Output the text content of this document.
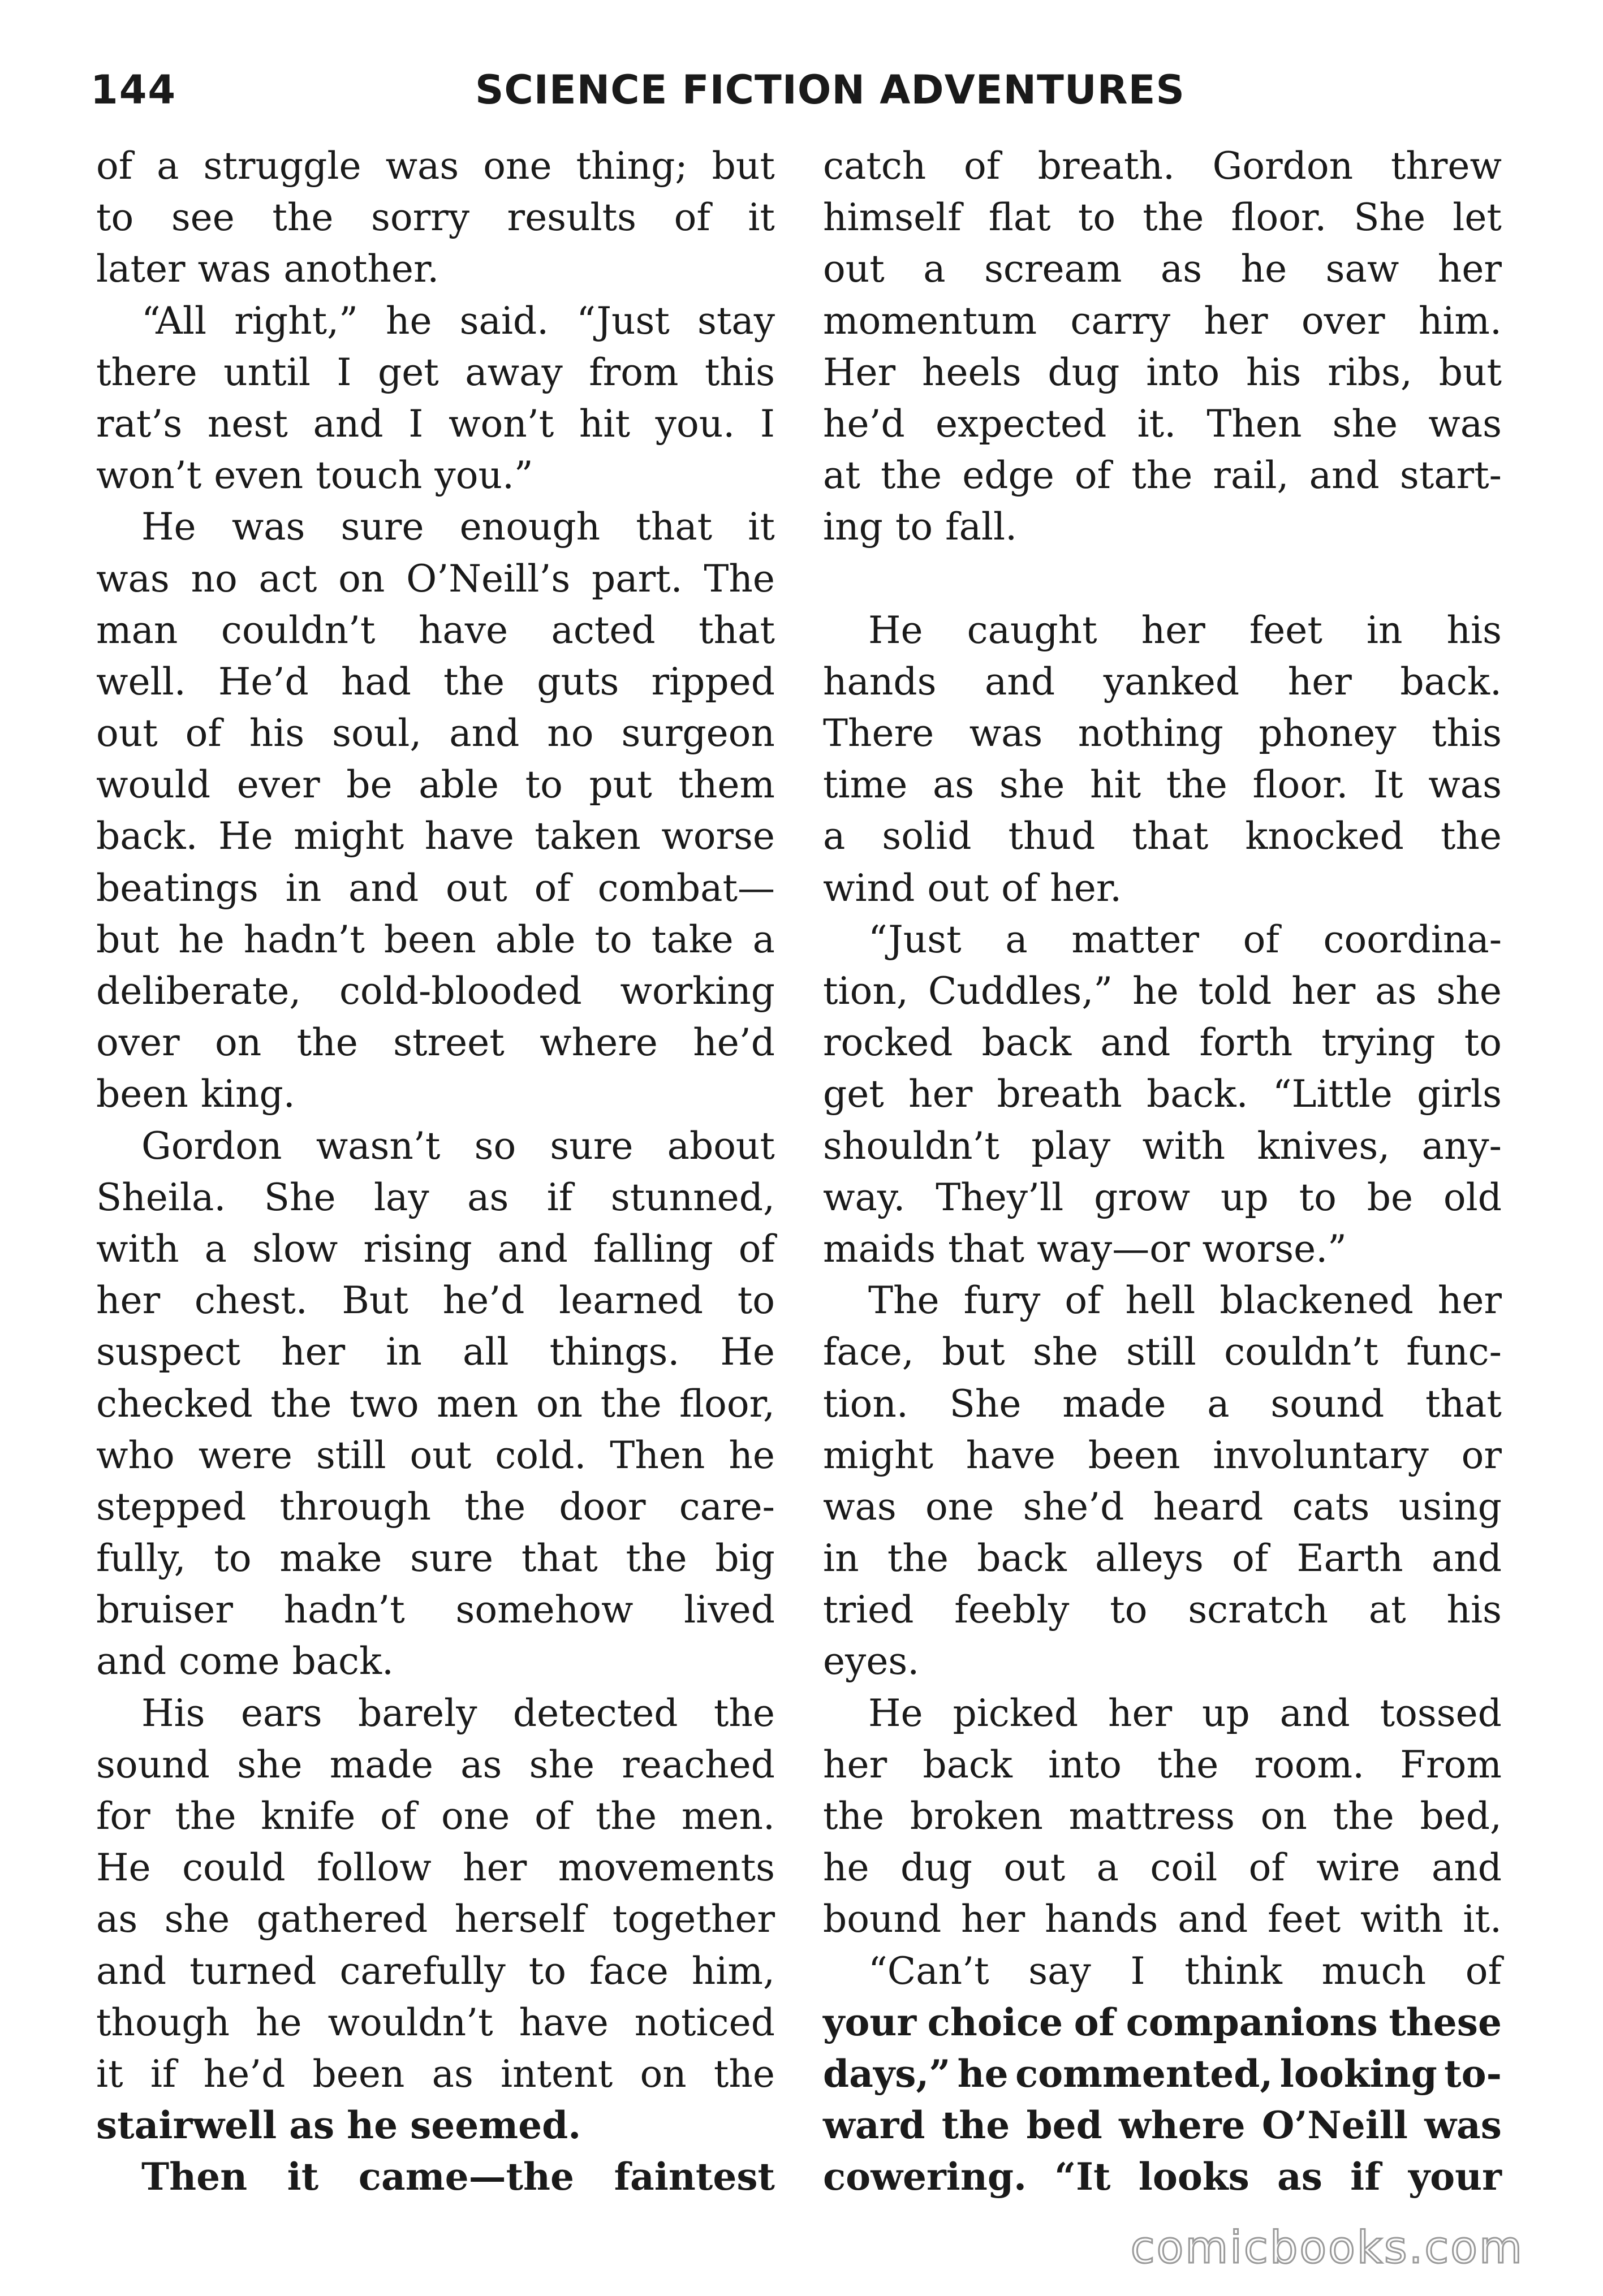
144	SCIENCE FICTION ADVENTURES
of a struggle was one thing; but
to see the sorry results of it
later was another.
“All right,” he said. “Just stay
there until I get away from this
rat’s nest and I won’t hit you. I
won’t even touch you.”
He was sure enough that it
was no act on O’Neill’s part. The
man couldn’t have acted that
well. He’d had the guts ripped
out of his soul, and no surgeon
would ever be able to put them
back. He might have taken worse
beatings in and out of combat—
but he hadn’t been able to take a
deliberate, cold-blooded working
over on the street where he’d
been king.
Gordon wasn’t so sure about
Sheila. She lay as if stunned,
with a slow rising and falling of
her chest. But he’d learned to
suspect her in all things. He
checked the two men on the floor,
who were still out cold. Then he
stepped through the door care-
fully, to make sure that the big
bruiser hadn’t somehow lived
and come back.
His ears barely detected the
sound she made as she reached
for the knife of one of the men.
He could follow her movements
as she gathered herself together
and turned carefully to face him,
though he wouldn’t have noticed
it if he’d been as intent on the
stairwell as he seemed.
Then it came—the faintest
catch of breath. Gordon threw
himself flat to the floor. She let
out a scream as he saw her
momentum carry her over him.
Her heels dug into his ribs, but
he’d expected it. Then she was
at the edge of the rail, and start-
ing to fall.
He caught her feet in his
hands and yanked her back.
There was nothing phoney this
time as she hit the floor. It was
a solid thud that knocked the
wind out of her.
“Just a matter of coordina-
tion, Cuddles,” he told her as she
rocked back and forth trying to
get her breath back. “Little girls
shouldn’t play with knives, any-
way. They’ll grow up to be old
maids that way—or worse.”
The fury of hell blackened her
face, but she still couldn’t func-
tion. She made a sound that
might have been involuntary or
was one she’d heard cats using
in the back alleys of Earth and
tried feebly to scratch at his
eyes.
He picked her up and tossed
her back into the room. From
the broken mattress on the bed,
he dug out a coil of wire and
bound her hands and feet with it.
“Can’t say I think much of
your choice of companions these
days,” he commented, looking to-
ward the bed where O’Neill was
cowering. “It looks as if your
comicbooks.com
